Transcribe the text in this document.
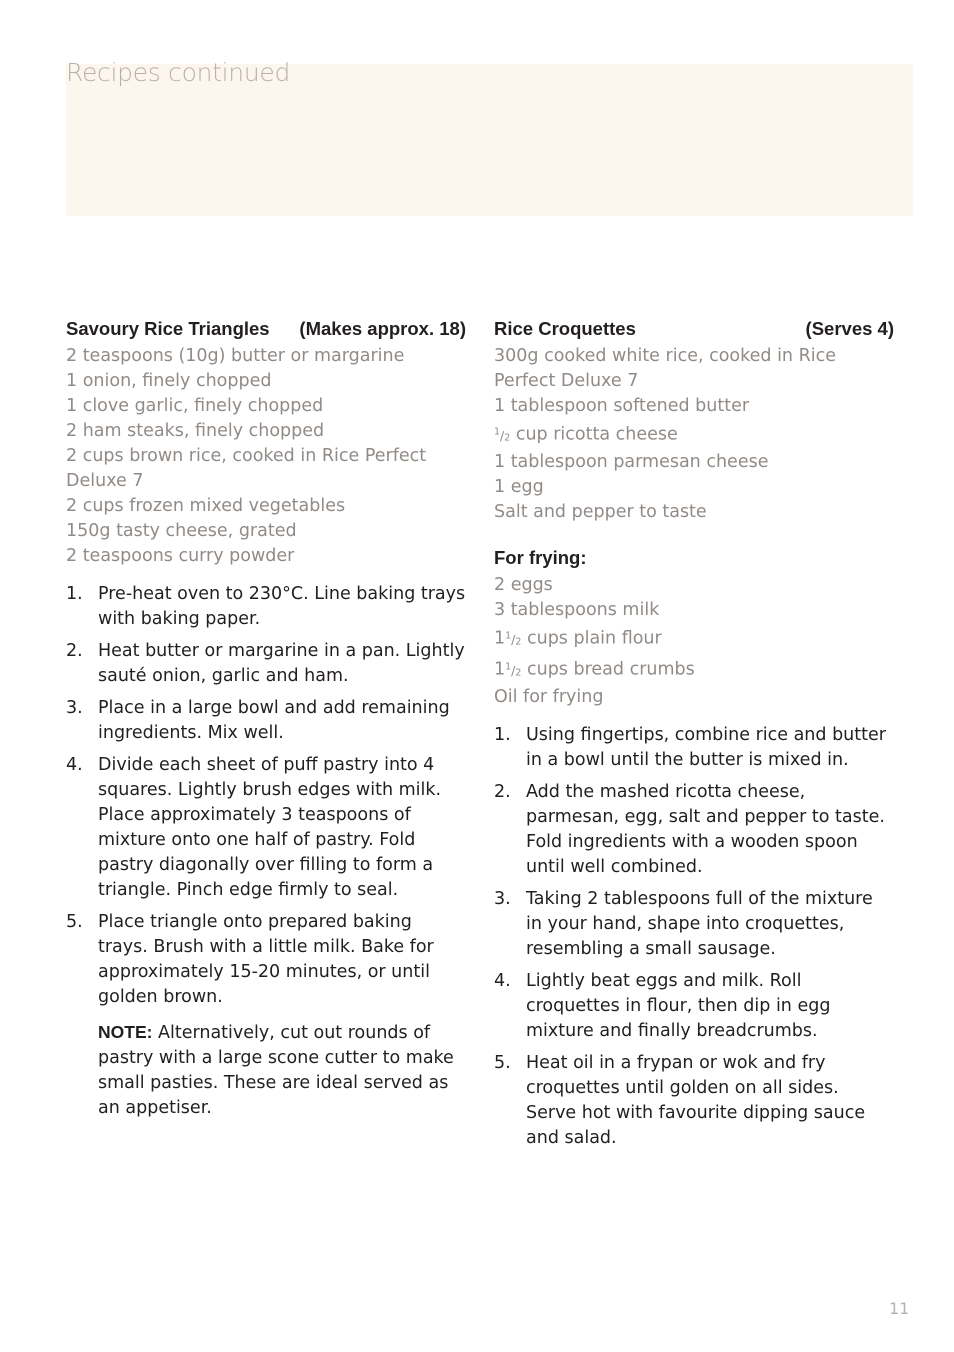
Recipes continued
Savoury Rice Triangles (Makes approx. 18)
2 teaspoons (10g) butter or margarine
1 onion, finely chopped
1 clove garlic, finely chopped
2 ham steaks, finely chopped
2 cups brown rice, cooked in Rice Perfect Deluxe 7
2 cups frozen mixed vegetables
150g tasty cheese, grated
2 teaspoons curry powder
1. Pre-heat oven to 230°C. Line baking trays with baking paper.
2. Heat butter or margarine in a pan. Lightly sauté onion, garlic and ham.
3. Place in a large bowl and add remaining ingredients. Mix well.
4. Divide each sheet of puff pastry into 4 squares. Lightly brush edges with milk. Place approximately 3 teaspoons of mixture onto one half of pastry. Fold pastry diagonally over filling to form a triangle. Pinch edge firmly to seal.
5. Place triangle onto prepared baking trays. Brush with a little milk. Bake for approximately 15-20 minutes, or until golden brown.
NOTE: Alternatively, cut out rounds of pastry with a large scone cutter to make small pasties. These are ideal served as an appetiser.
Rice Croquettes	(Serves 4)
300g cooked white rice, cooked in Rice Perfect Deluxe 7
1 tablespoon softened butter
$^1/_2$ cup ricotta cheese
1 tablespoon parmesan cheese
1 egg
Salt and pepper to taste
For frying:
2 eggs
3 tablespoons milk
$1^1/_2$ cups plain flour
$1^1/_2$ cups bread crumbs
Oil for frying
1. Using fingertips, combine rice and butter in a bowl until the butter is mixed in.
2. Add the mashed ricotta cheese, parmesan, egg, salt and pepper to taste. Fold ingredients with a wooden spoon until well combined.
3. Taking 2 tablespoons full of the mixture in your hand, shape into croquettes, resembling a small sausage.
4. Lightly beat eggs and milk. Roll croquettes in flour, then dip in egg mixture and finally breadcrumbs.
5. Heat oil in a frypan or wok and fry croquettes until golden on all sides. Serve hot with favourite dipping sauce and salad.
11
